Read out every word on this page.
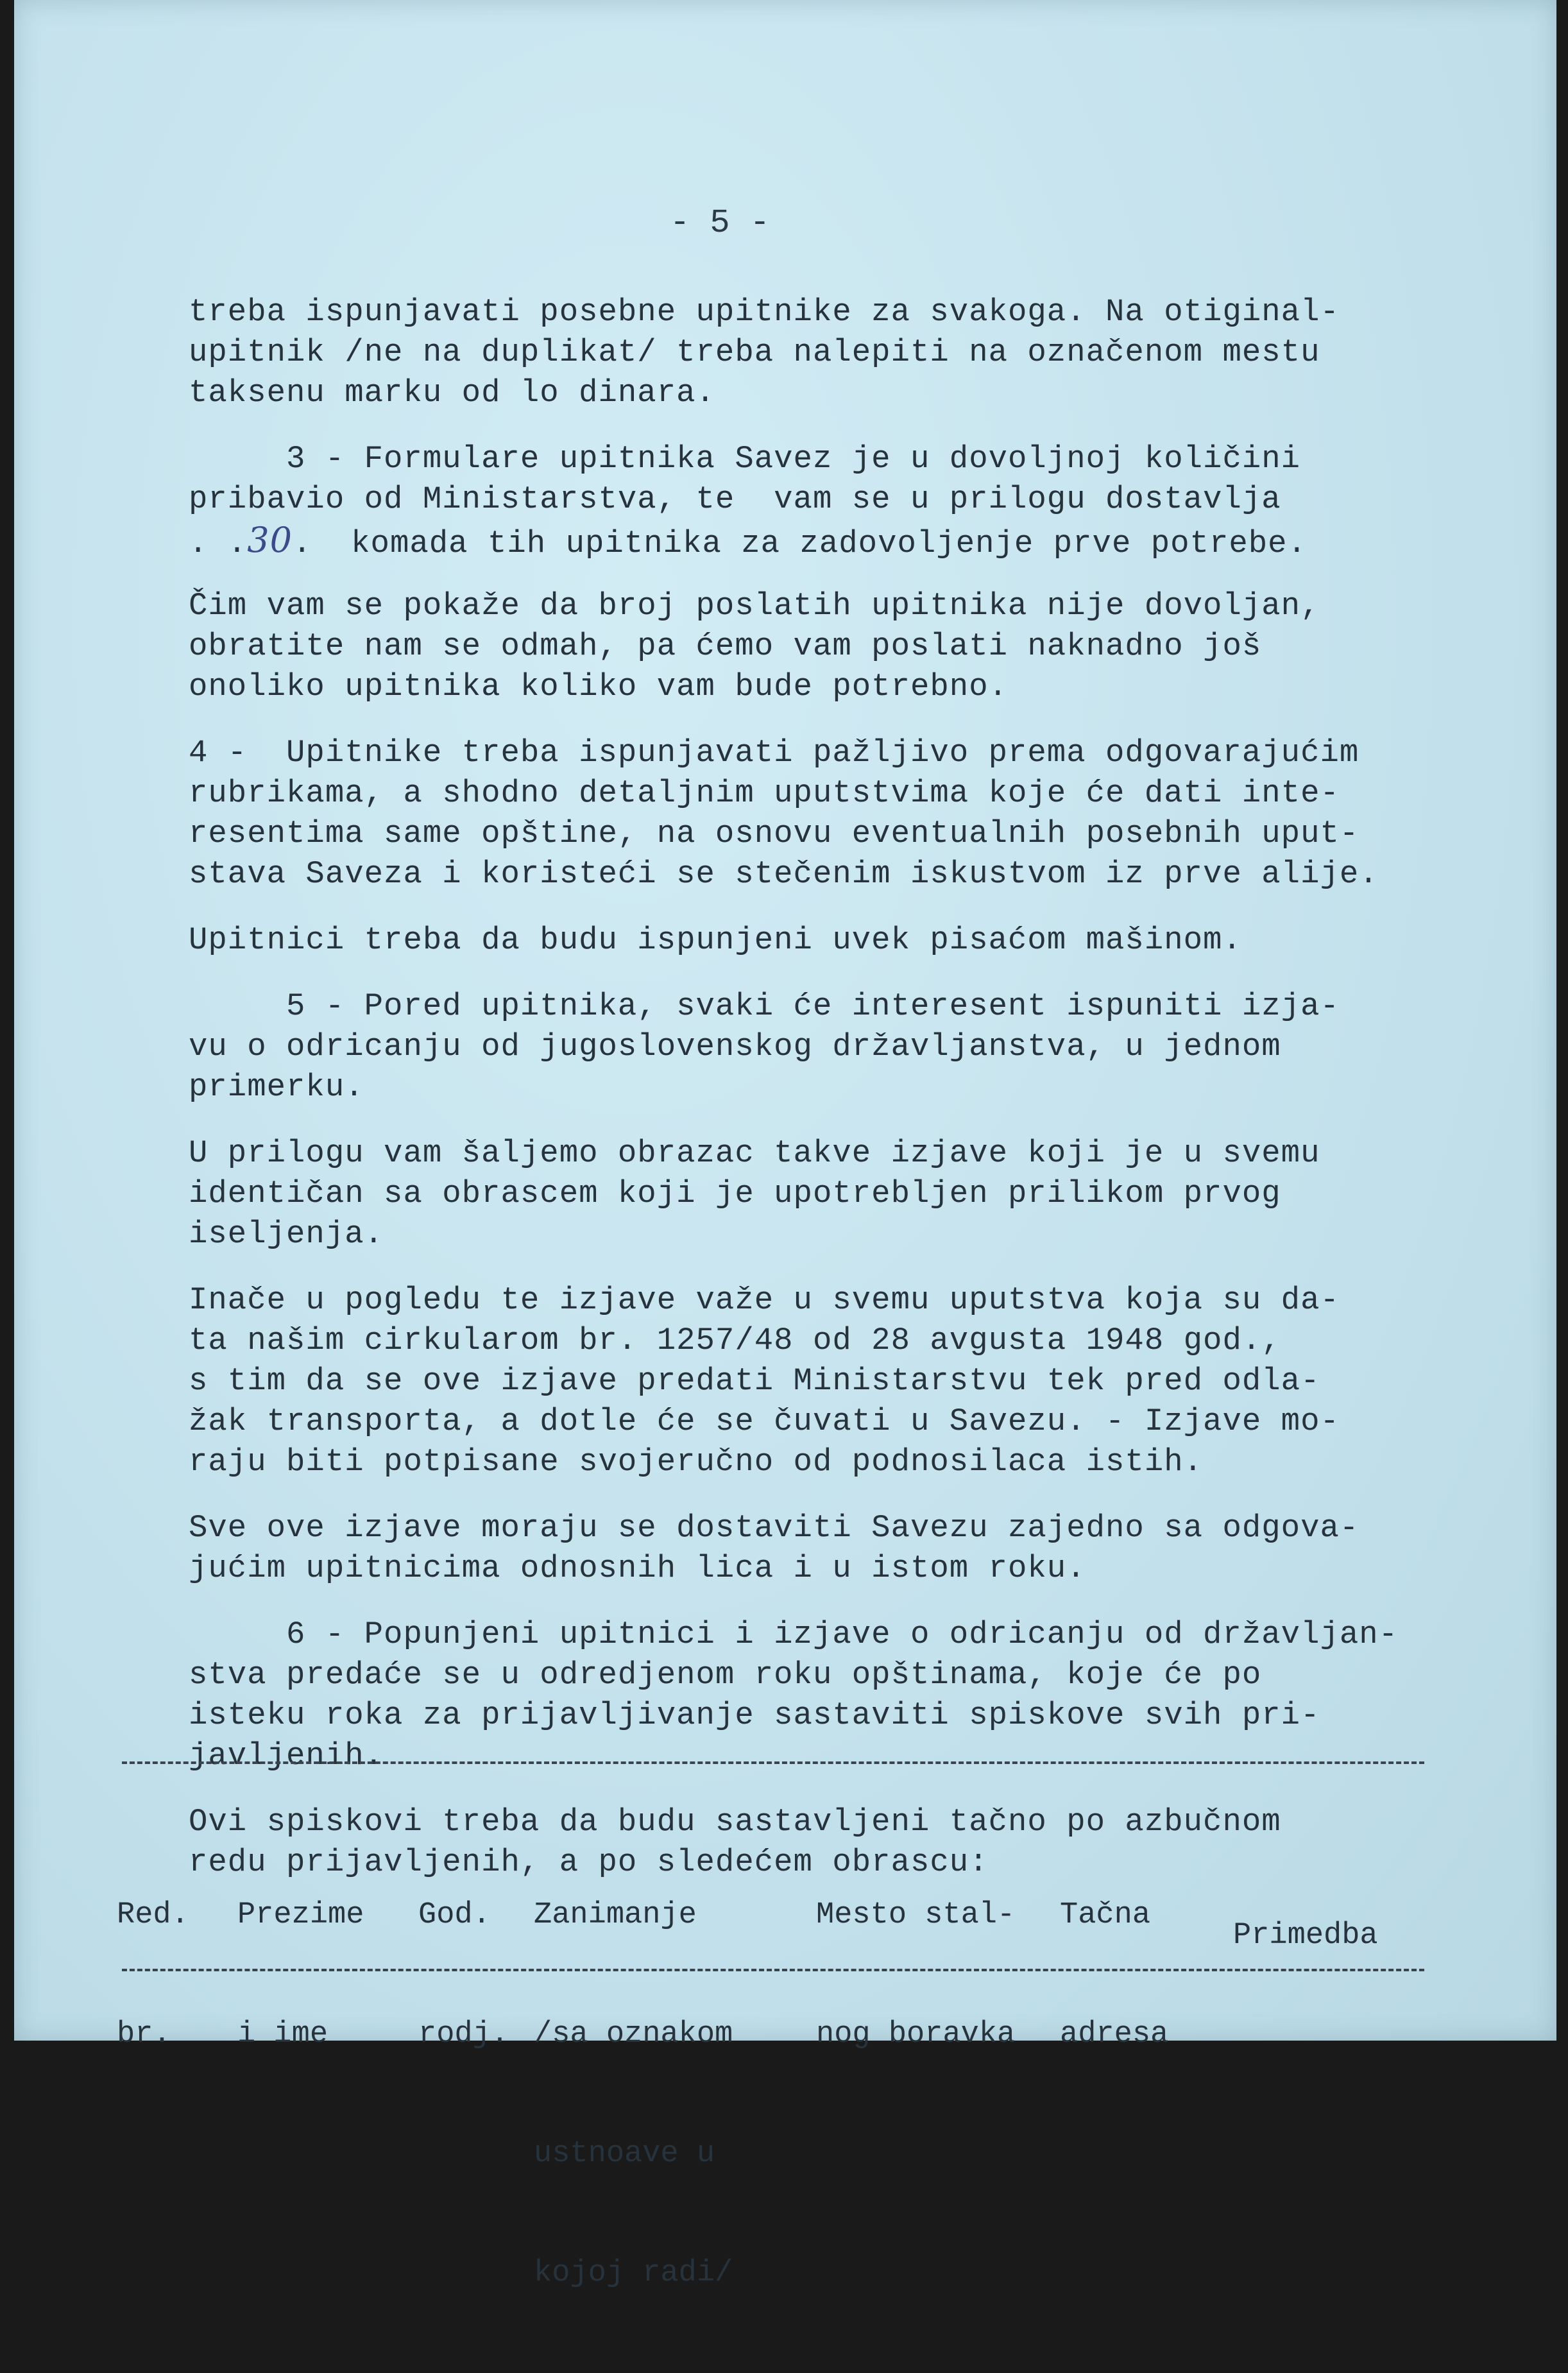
- 5 -
treba ispunjavati posebne upitnike za svakoga. Na otiginal-
upitnik /ne na duplikat/ treba nalepiti na označenom mestu
taksenu marku od lo dinara.
3 - Formulare upitnika Savez je u dovoljnoj količini
pribavio od Ministarstva, te  vam se u prilogu dostavlja
. .30.  komada tih upitnika za zadovoljenje prve potrebe.
Čim vam se pokaže da broj poslatih upitnika nije dovoljan,
obratite nam se odmah, pa ćemo vam poslati naknadno još
onoliko upitnika koliko vam bude potrebno.
4 -  Upitnike treba ispunjavati pažljivo prema odgovarajućim
rubrikama, a shodno detaljnim uputstvima koje će dati inte-
resentima same opštine, na osnovu eventualnih posebnih uput-
stava Saveza i koristeći se stečenim iskustvom iz prve alije.
Upitnici treba da budu ispunjeni uvek pisaćom mašinom.
5 - Pored upitnika, svaki će interesent ispuniti izja-
vu o odricanju od jugoslovenskog državljanstva, u jednom
primerku.
U prilogu vam šaljemo obrazac takve izjave koji je u svemu
identičan sa obrascem koji je upotrebljen prilikom prvog
iseljenja.
Inače u pogledu te izjave važe u svemu uputstva koja su da-
ta našim cirkularom br. 1257/48 od 28 avgusta 1948 god.,
s tim da se ove izjave predati Ministarstvu tek pred odla-
žak transporta, a dotle će se čuvati u Savezu. - Izjave mo-
raju biti potpisane svojeručno od podnosilaca istih.
Sve ove izjave moraju se dostaviti Savezu zajedno sa odgova-
jućim upitnicima odnosnih lica i u istom roku.
6 - Popunjeni upitnici i izjave o odricanju od državljan-
stva predaće se u odredjenom roku opštinama, koje će po
isteku roka za prijavljivanje sastaviti spiskove svih pri-
javljenih.
Ovi spiskovi treba da budu sastavljeni tačno po azbučnom
redu prijavljenih, a po sledećem obrascu:

Red.

br.

Prezime

i ime

God.

rodj.

Zanimanje

/sa oznakom

ustnoave u

kojoj radi/

Mesto stal-

nog boravka

Tačna

adresa

Primedba
